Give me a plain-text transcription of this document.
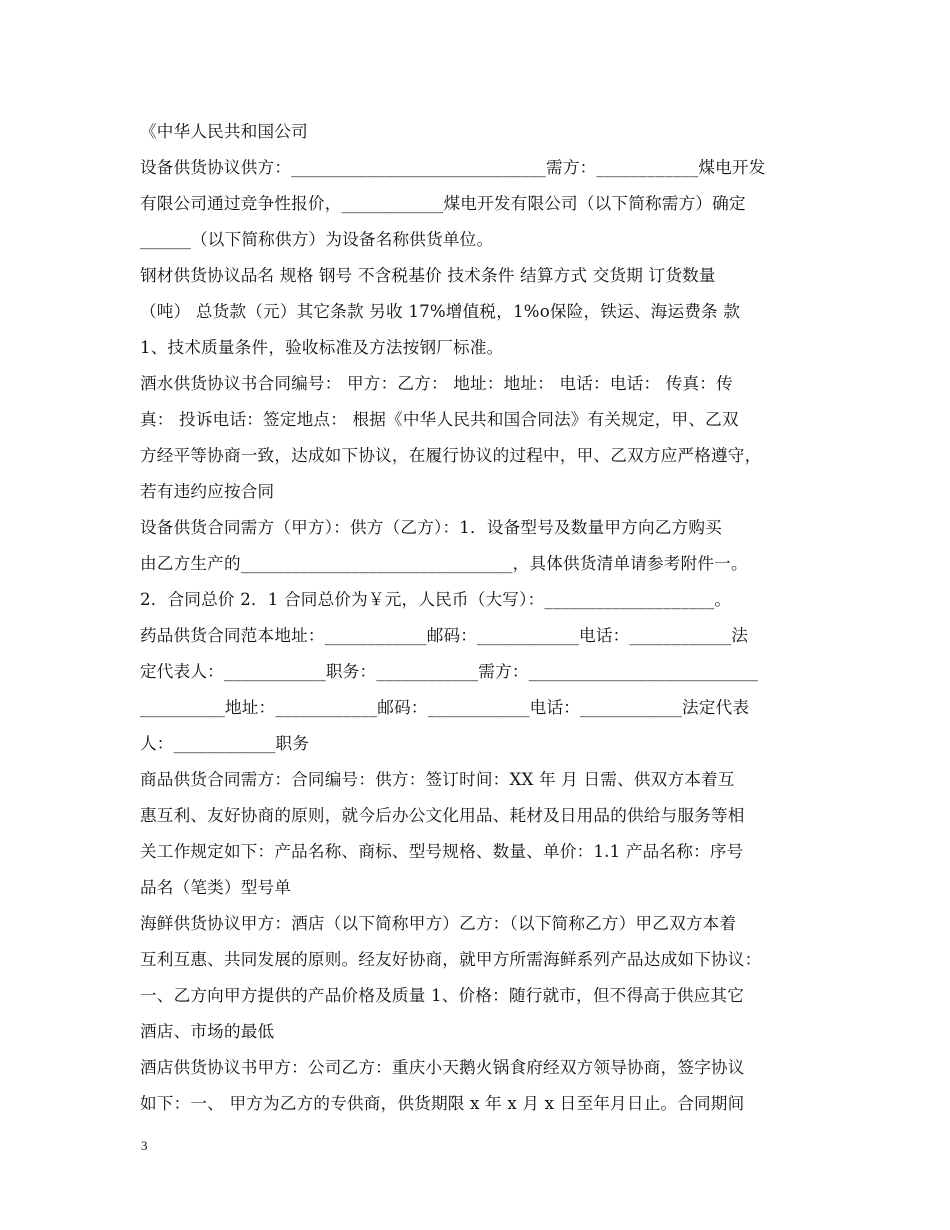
《中华人民共和国公司
设备供货协议供方：______________________________需方：____________煤电开发
有限公司通过竞争性报价，____________煤电开发有限公司（以下简称需方）确定
______（以下简称供方）为设备名称供货单位。
钢材供货协议品名 规格 钢号 不含税基价 技术条件 结算方式 交货期 订货数量
（吨） 总货款（元）其它条款 另收 17%增值税，1%o保险，铁运、海运费条 款
1、技术质量条件，验收标准及方法按钢厂标准。
酒水供货协议书合同编号： 甲方：乙方： 地址：地址： 电话：电话： 传真：传
真： 投诉电话：签定地点： 根据《中华人民共和国合同法》有关规定，甲、乙双
方经平等协商一致，达成如下协议，在履行协议的过程中，甲、乙双方应严格遵守，
若有违约应按合同
设备供货合同需方（甲方）：供方（乙方）：1．设备型号及数量甲方向乙方购买
由乙方生产的________________________________，具体供货清单请参考附件一。
2．合同总价 2．1 合同总价为￥元，人民币（大写）：____________________。
药品供货合同范本地址：____________邮码：____________电话：____________法
定代表人：____________职务：____________需方：___________________________
__________地址：____________邮码：____________电话：____________法定代表
人：____________职务
商品供货合同需方：合同编号：供方：签订时间：XX 年 月 日需、供双方本着互
惠互利、友好协商的原则，就今后办公文化用品、耗材及日用品的供给与服务等相
关工作规定如下：产品名称、商标、型号规格、数量、单价：1.1 产品名称：序号
品名（笔类）型号单
海鲜供货协议甲方：酒店（以下简称甲方）乙方：（以下简称乙方）甲乙双方本着
互利互惠、共同发展的原则。经友好协商，就甲方所需海鲜系列产品达成如下协议：
一、乙方向甲方提供的产品价格及质量 1、价格：随行就市，但不得高于供应其它
酒店、市场的最低
酒店供货协议书甲方：公司乙方：重庆小天鹅火锅食府经双方领导协商，签字协议
如下：一、 甲方为乙方的专供商，供货期限 x 年 x 月 x 日至年月日止。合同期间
3
